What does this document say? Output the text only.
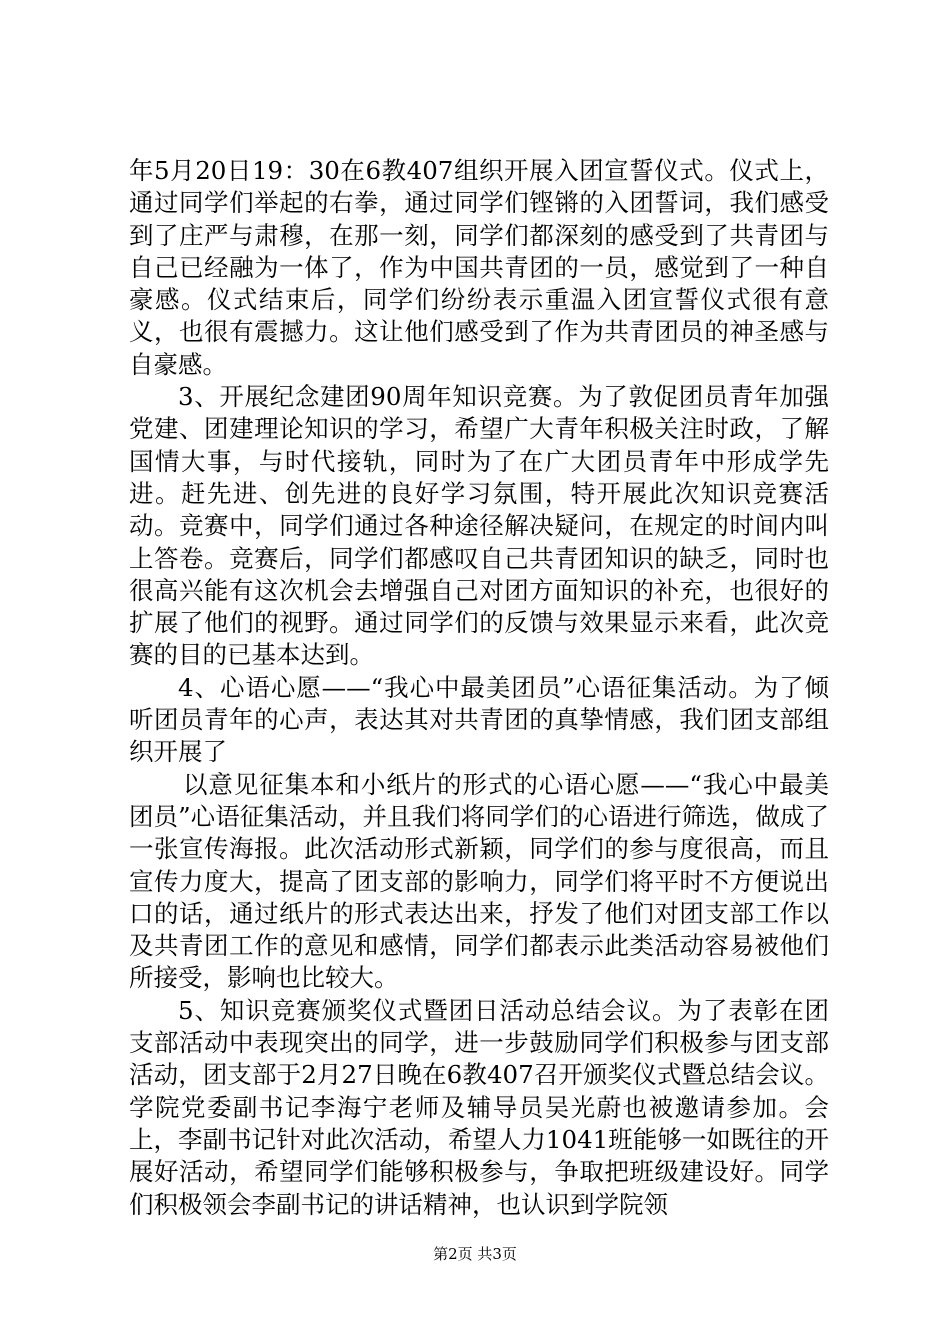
年5月20日19：30在6教407组织开展入团宣誓仪式。仪式上，通过同学们举起的右拳，通过同学们铿锵的入团誓词，我们感受到了庄严与肃穆，在那一刻，同学们都深刻的感受到了共青团与自己已经融为一体了，作为中国共青团的一员，感觉到了一种自豪感。仪式结束后，同学们纷纷表示重温入团宣誓仪式很有意义，也很有震撼力。这让他们感受到了作为共青团员的神圣感与自豪感。

3、开展纪念建团90周年知识竞赛。为了敦促团员青年加强党建、团建理论知识的学习，希望广大青年积极关注时政，了解国情大事，与时代接轨，同时为了在广大团员青年中形成学先进。赶先进、创先进的良好学习氛围，特开展此次知识竞赛活动。竞赛中，同学们通过各种途径解决疑问，在规定的时间内叫上答卷。竞赛后，同学们都感叹自己共青团知识的缺乏，同时也很高兴能有这次机会去增强自己对团方面知识的补充，也很好的扩展了他们的视野。通过同学们的反馈与效果显示来看，此次竞赛的目的已基本达到。

4、心语心愿——“我心中最美团员”心语征集活动。为了倾听团员青年的心声，表达其对共青团的真挚情感，我们团支部组织开展了

以意见征集本和小纸片的形式的心语心愿——“我心中最美团员”心语征集活动，并且我们将同学们的心语进行筛选，做成了一张宣传海报。此次活动形式新颖，同学们的参与度很高，而且宣传力度大，提高了团支部的影响力，同学们将平时不方便说出口的话，通过纸片的形式表达出来，抒发了他们对团支部工作以及共青团工作的意见和感情，同学们都表示此类活动容易被他们所接受，影响也比较大。

5、知识竞赛颁奖仪式暨团日活动总结会议。为了表彰在团支部活动中表现突出的同学，进一步鼓励同学们积极参与团支部活动，团支部于2月27日晚在6教407召开颁奖仪式暨总结会议。学院党委副书记李海宁老师及辅导员吴光蔚也被邀请参加。会上，李副书记针对此次活动，希望人力1041班能够一如既往的开展好活动，希望同学们能够积极参与，争取把班级建设好。同学们积极领会李副书记的讲话精神，也认识到学院领

第2页 共3页
